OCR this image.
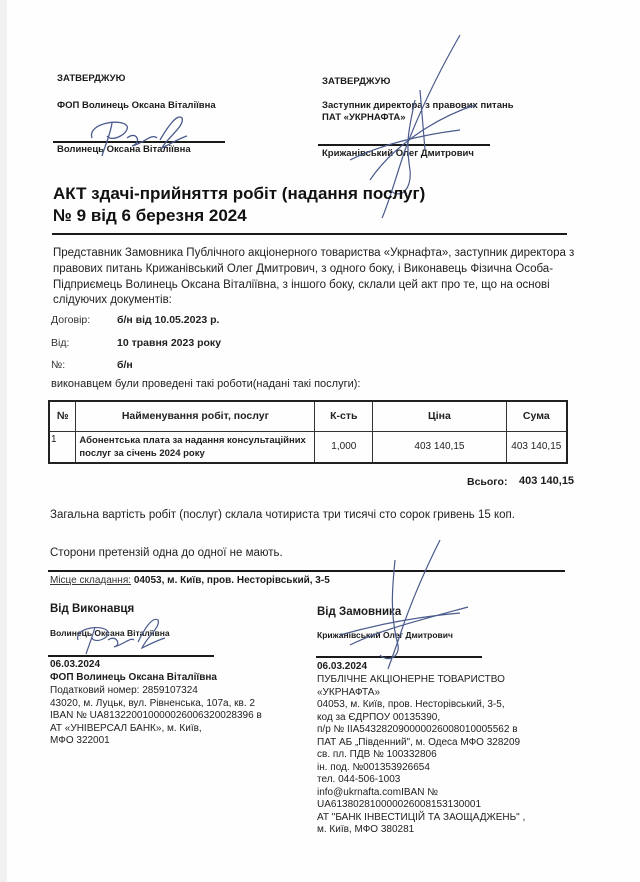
ЗАТВЕРДЖУЮ
ФОП Волинець Оксана Віталіївна
Волинець Оксана Віталіївна
ЗАТВЕРДЖУЮ
Заступник директора з правових питань
ПАТ «УКРНАФТА»
Крижанівський Олег Дмитрович
АКТ здачі-прийняття робіт (надання послуг)
№ 9 від 6 березня 2024
Представник Замовника Публічного акціонерного товариства «Укрнафта», заступник директора з
правових питань Крижанівський Олег Дмитрович, з одного боку, і Виконавець Фізична Особа-
Підприємець Волинець Оксана Віталіївна, з іншого боку, склали цей акт про те, що на основі
слідуючих документів:
Договір:	б/н від 10.05.2023 р.
Від:	10 травня 2023 року
№:	б/н
виконавцем були проведені такі роботи(надані такі послуги):
№	Найменування робіт, послуг	К-сть	Ціна	Сума
1	Абонентська плата за надання консультаційних
послуг за січень 2024 року	1,000	403 140,15	403 140,15
Всього: 403 140,15
Загальна вартість робіт (послуг) склала чотириста три тисячі сто сорок гривень 15 коп.
Сторони претензій одна до одної не мають.
Місце складання: 04053, м. Київ, пров. Несторівський, 3-5
Від Виконавця
Волинець Оксана Віталіївна
06.03.2024
ФОП Волинець Оксана Віталіївна
Податковий номер: 2859107324
43020, м. Луцьк, вул. Рівненська, 107а, кв. 2
IBAN № UA813220010000026006320028396 в
АТ «УНІВЕРСАЛ БАНК», м. Київ,
МФО 322001
Від Замовника
Крижанівський Олег Дмитрович
06.03.2024
ПУБЛІЧНЕ АКЦІОНЕРНЕ ТОВАРИСТВО
«УКРНАФТА»
04053, м. Київ, пров. Несторівський, 3-5,
код за ЄДРПОУ 00135390,
п/р № IIA543282090000026008010005562 в
ПАТ АБ „Південний", м. Одеса МФО 328209
св. пл. ПДВ № 100332806
ін. под. №001353926654
тел. 044-506-1003
info@ukrnafta.comIBAN №
UA613802810000026008153130001
АТ "БАНК ІНВЕСТИЦІЙ ТА ЗАОЩАДЖЕНЬ" ,
м. Київ, МФО 380281
